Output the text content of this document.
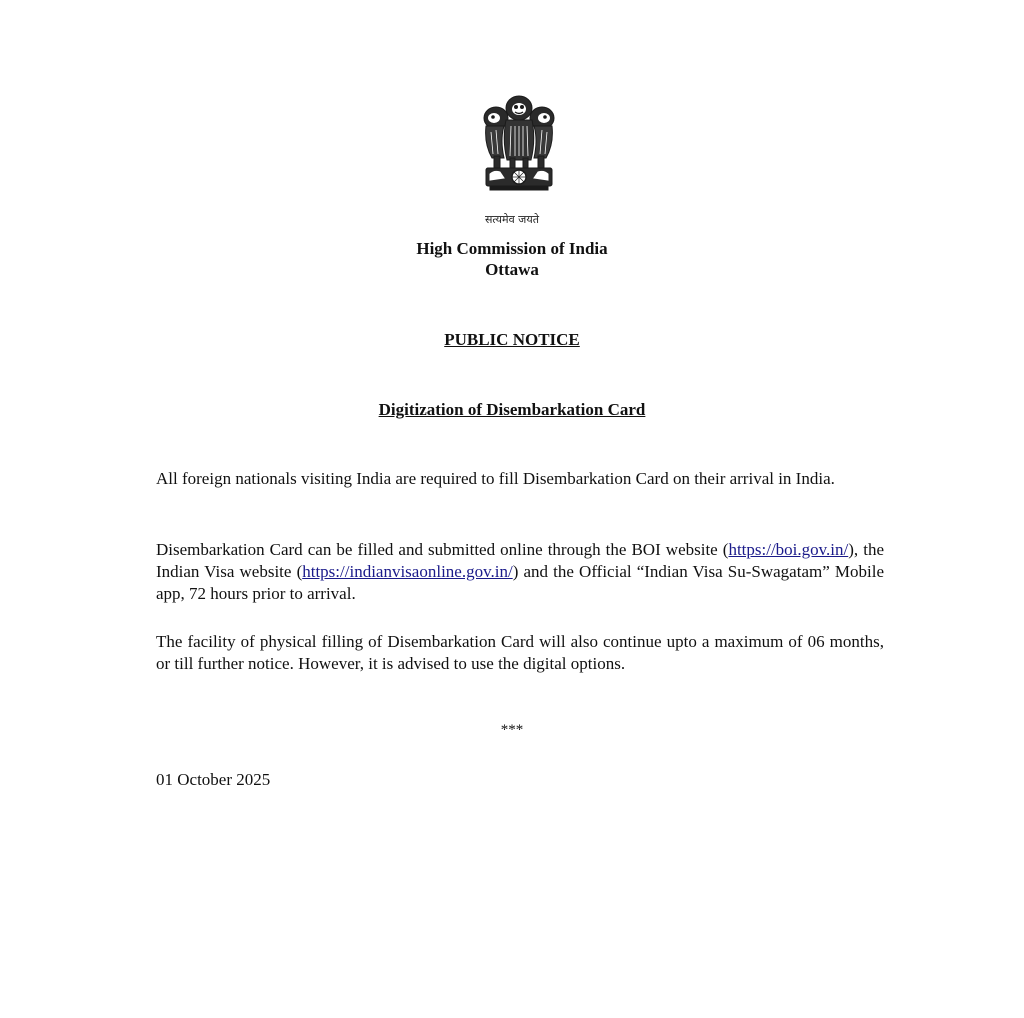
सत्यमेव जयते
High Commission of India
Ottawa
PUBLIC NOTICE
Digitization of Disembarkation Card

All foreign nationals visiting India are required to fill Disembarkation Card on their arrival in India.

Disembarkation Card can be filled and submitted online through the BOI website (https://boi.gov.in/), the Indian Visa website (https://indianvisaonline.gov.in/) and the Official “Indian Visa Su-Swagatam” Mobile app, 72 hours prior to arrival.

The facility of physical filling of Disembarkation Card will also continue upto a maximum of 06 months, or till further notice. However, it is advised to use the digital options.

***
01 October 2025
